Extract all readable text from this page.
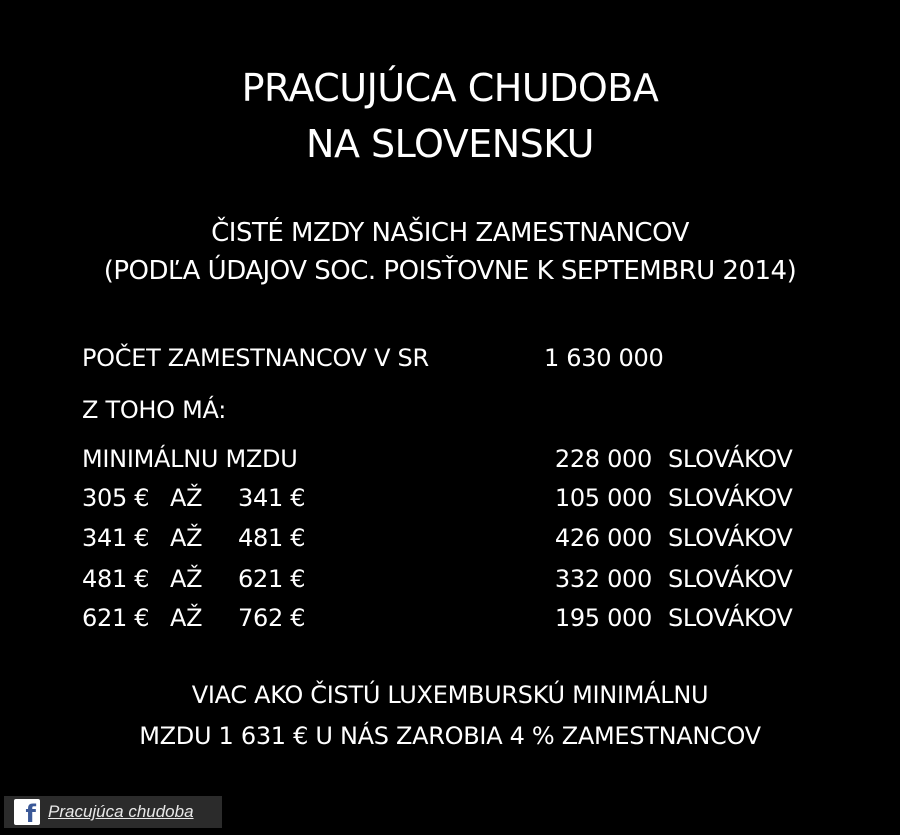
PRACUJÚCA CHUDOBA
NA SLOVENSKU
ČISTÉ MZDY NAŠICH ZAMESTNANCOV
(PODĽA ÚDAJOV SOC. POISŤOVNE K SEPTEMBRU 2014)
POČET ZAMESTNANCOV V SR	1 630 000
Z TOHO MÁ:
MINIMÁLNU MZDU	228 000 SLOVÁKOV
305 € AŽ 341 €	105 000 SLOVÁKOV
341 € AŽ 481 €	426 000 SLOVÁKOV
481 € AŽ 621 €	332 000 SLOVÁKOV
621 € AŽ 762 €	195 000 SLOVÁKOV
VIAC AKO ČISTÚ LUXEMBURSKÚ MINIMÁLNU
MZDU 1 631 € U NÁS ZAROBIA 4 % ZAMESTNANCOV
f Pracujúca chudoba
